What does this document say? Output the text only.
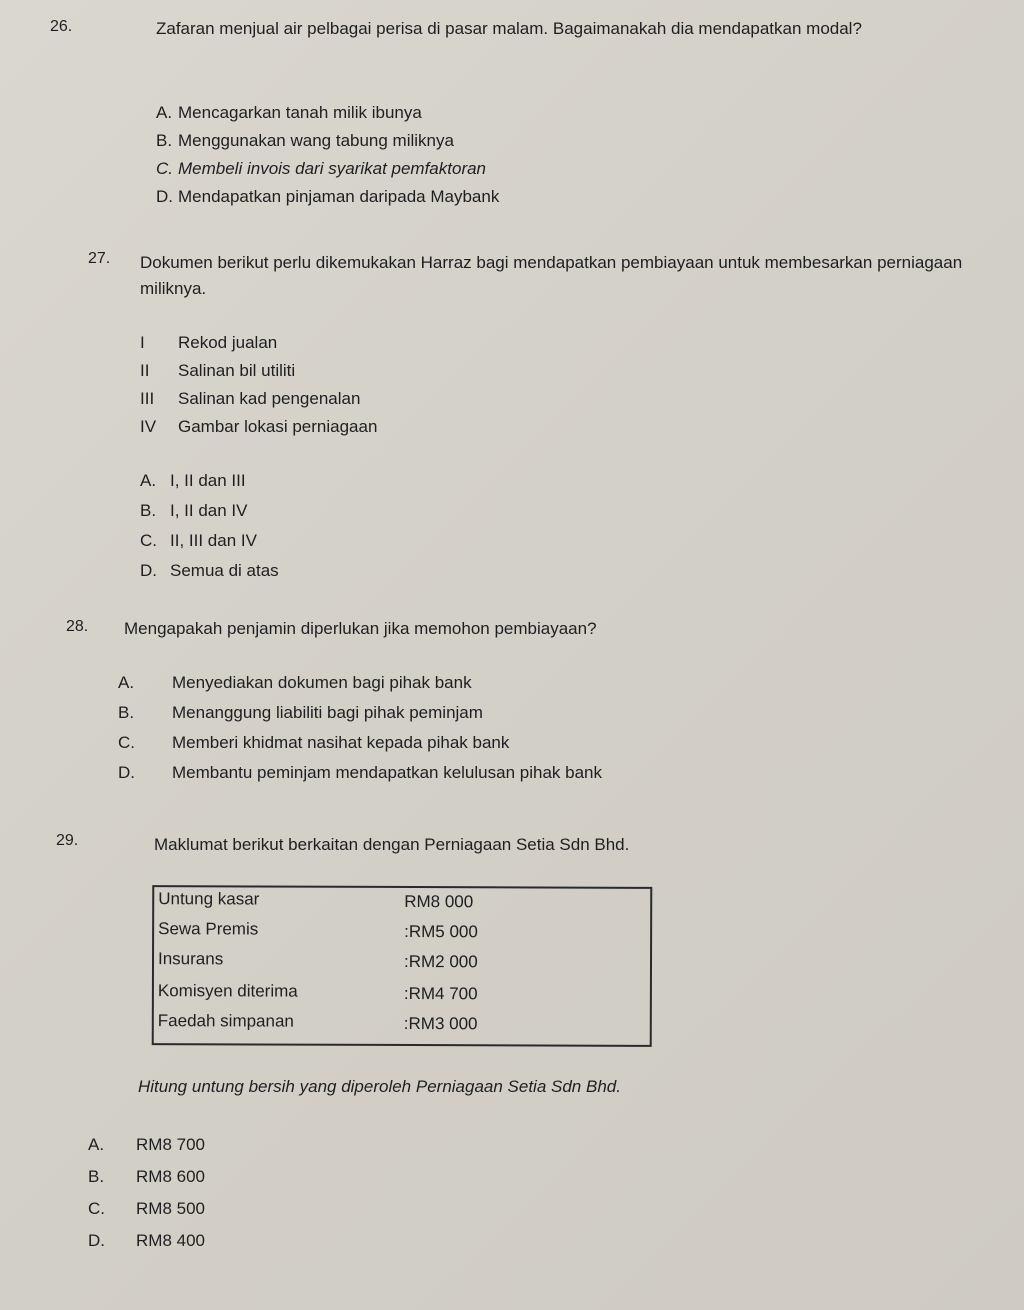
26.	Zafaran menjual air pelbagai perisa di pasar malam. Bagaimanakah dia mendapatkan modal?
A. Mencagarkan tanah milik ibunya
B. Menggunakan wang tabung miliknya
C. Membeli invois dari syarikat pemfaktoran
D. Mendapatkan pinjaman daripada Maybank
27. Dokumen berikut perlu dikemukakan Harraz bagi mendapatkan pembiayaan untuk membesarkan perniagaan miliknya.
I Rekod jualan
II Salinan bil utiliti
III Salinan kad pengenalan
IV Gambar lokasi perniagaan
A. I, II dan III
B. I, II dan IV
C. II, III dan IV
D. Semua di atas
28. Mengapakah penjamin diperlukan jika memohon pembiayaan?
A. Menyediakan dokumen bagi pihak bank
B. Menanggung liabiliti bagi pihak peminjam
C. Memberi khidmat nasihat kepada pihak bank
D. Membantu peminjam mendapatkan kelulusan pihak bank
29.	Maklumat berikut berkaitan dengan Perniagaan Setia Sdn Bhd.
Untung kasar	RM8 000
Sewa Premis	:RM5 000
Insurans	:RM2 000
Komisyen diterima	:RM4 700
Faedah simpanan	:RM3 000
Hitung untung bersih yang diperoleh Perniagaan Setia Sdn Bhd.
A. RM8 700
B. RM8 600
C. RM8 500
D. RM8 400
